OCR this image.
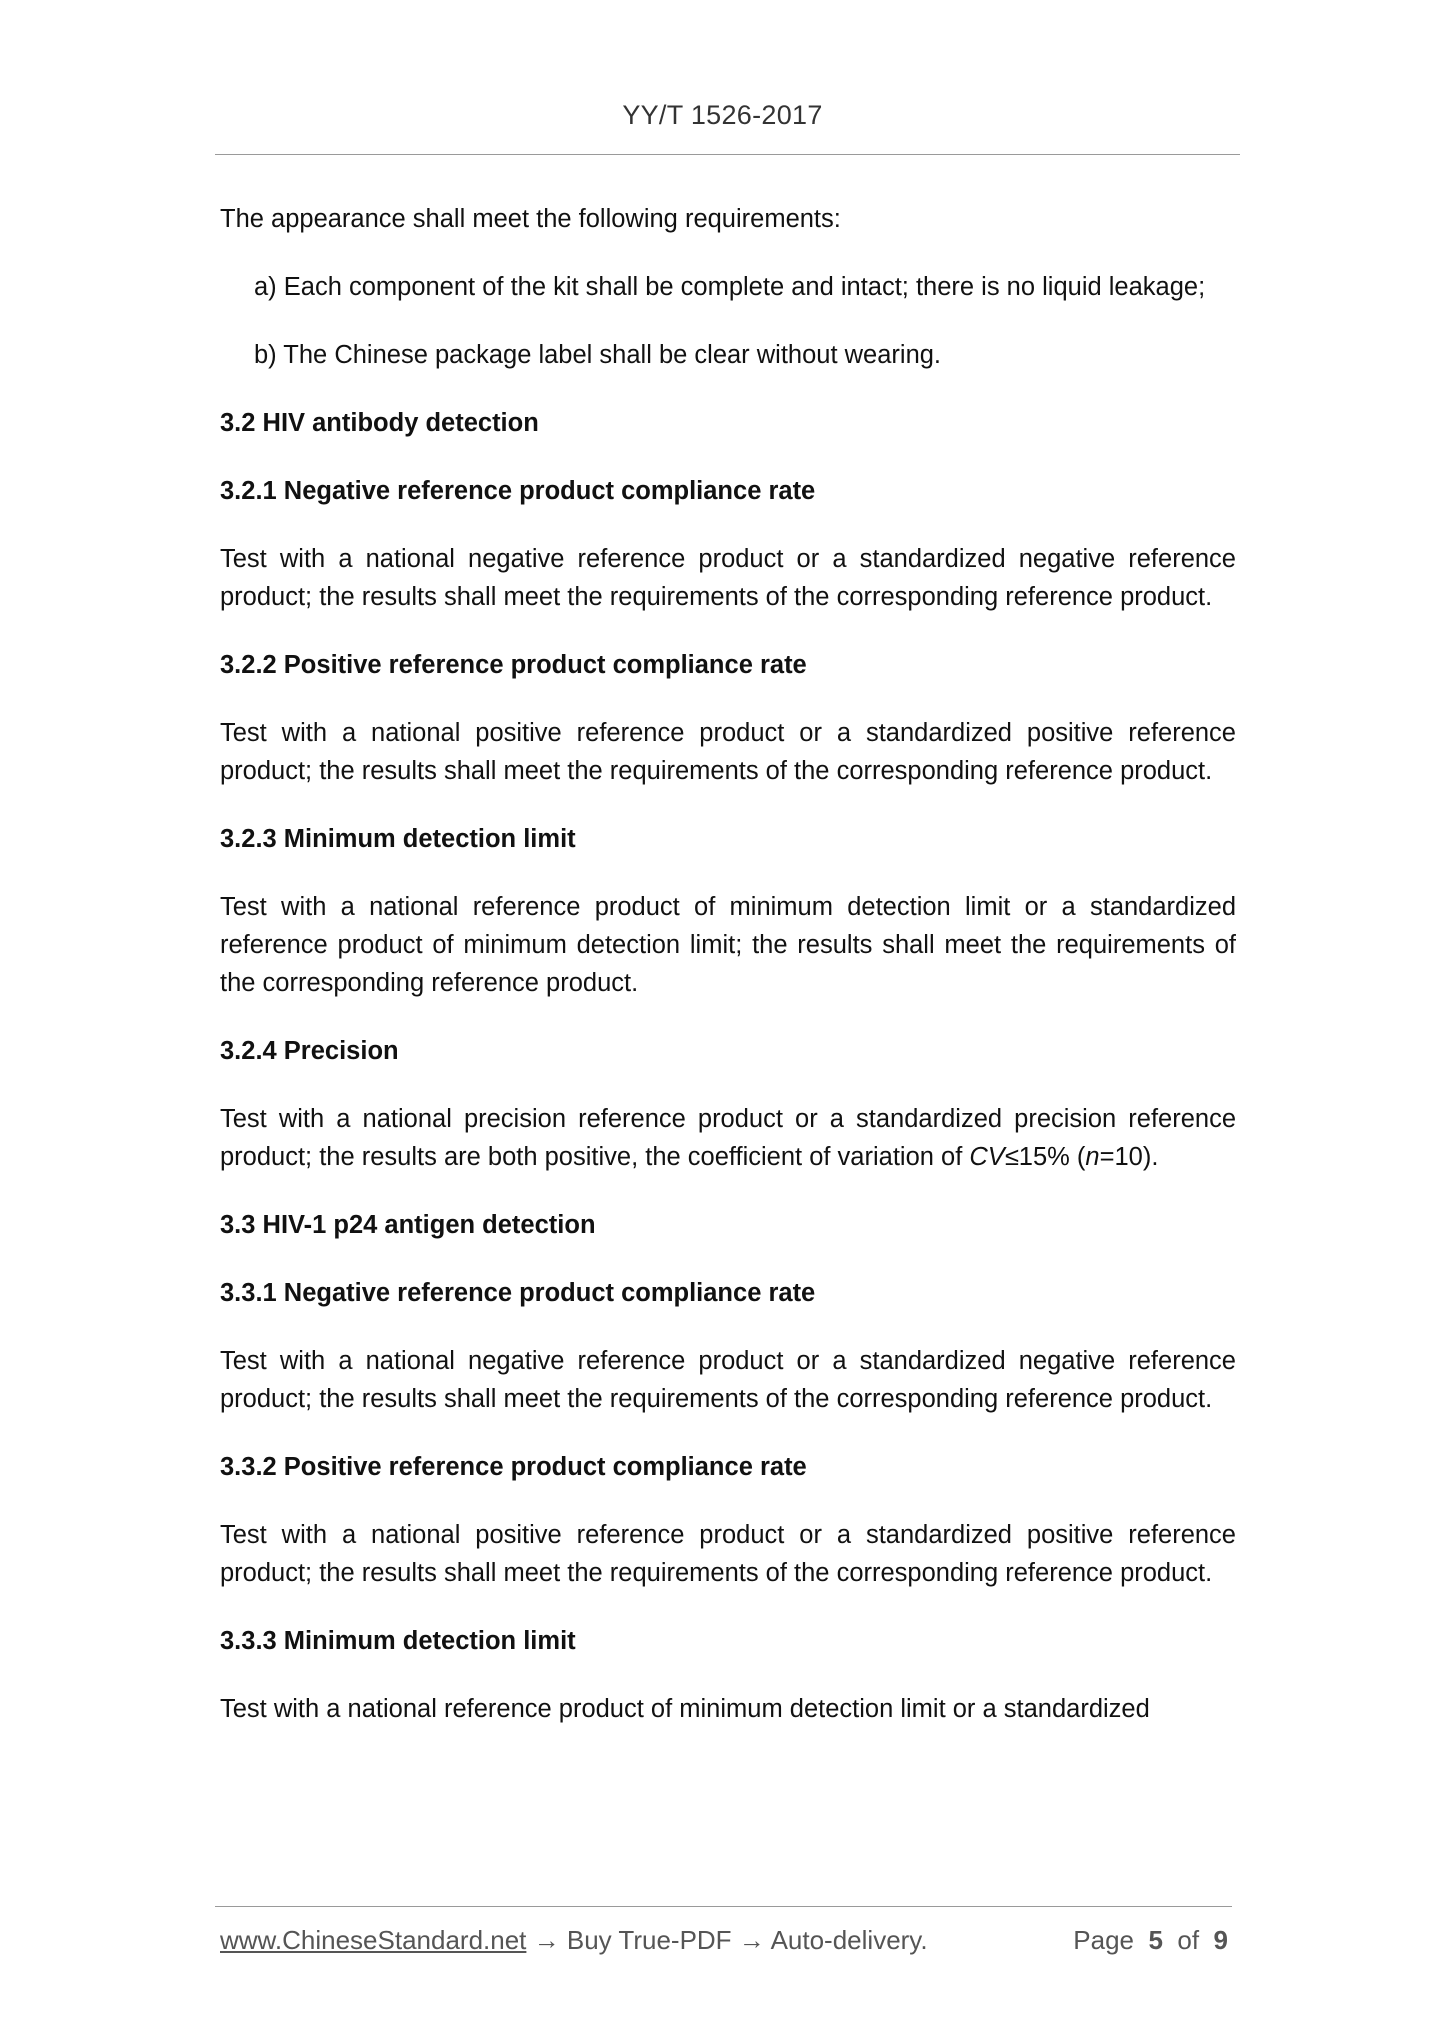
YY/T 1526-2017

The appearance shall meet the following requirements:

a) Each component of the kit shall be complete and intact; there is no liquid leakage;

b) The Chinese package label shall be clear without wearing.

3.2 HIV antibody detection

3.2.1 Negative reference product compliance rate

Test with a national negative reference product or a standardized negative reference product; the results shall meet the requirements of the corresponding reference product.

3.2.2 Positive reference product compliance rate

Test with a national positive reference product or a standardized positive reference product; the results shall meet the requirements of the corresponding reference product.

3.2.3 Minimum detection limit

Test with a national reference product of minimum detection limit or a standardized reference product of minimum detection limit; the results shall meet the requirements of the corresponding reference product.

3.2.4 Precision

Test with a national precision reference product or a standardized precision reference product; the results are both positive, the coefficient of variation of CV≤15% (n=10).

3.3 HIV-1 p24 antigen detection

3.3.1 Negative reference product compliance rate

Test with a national negative reference product or a standardized negative reference product; the results shall meet the requirements of the corresponding reference product.

3.3.2 Positive reference product compliance rate

Test with a national positive reference product or a standardized positive reference product; the results shall meet the requirements of the corresponding reference product.

3.3.3 Minimum detection limit

Test with a national reference product of minimum detection limit or a standardized

www.ChineseStandard.net → Buy True-PDF → Auto-delivery.	Page 5 of 9
